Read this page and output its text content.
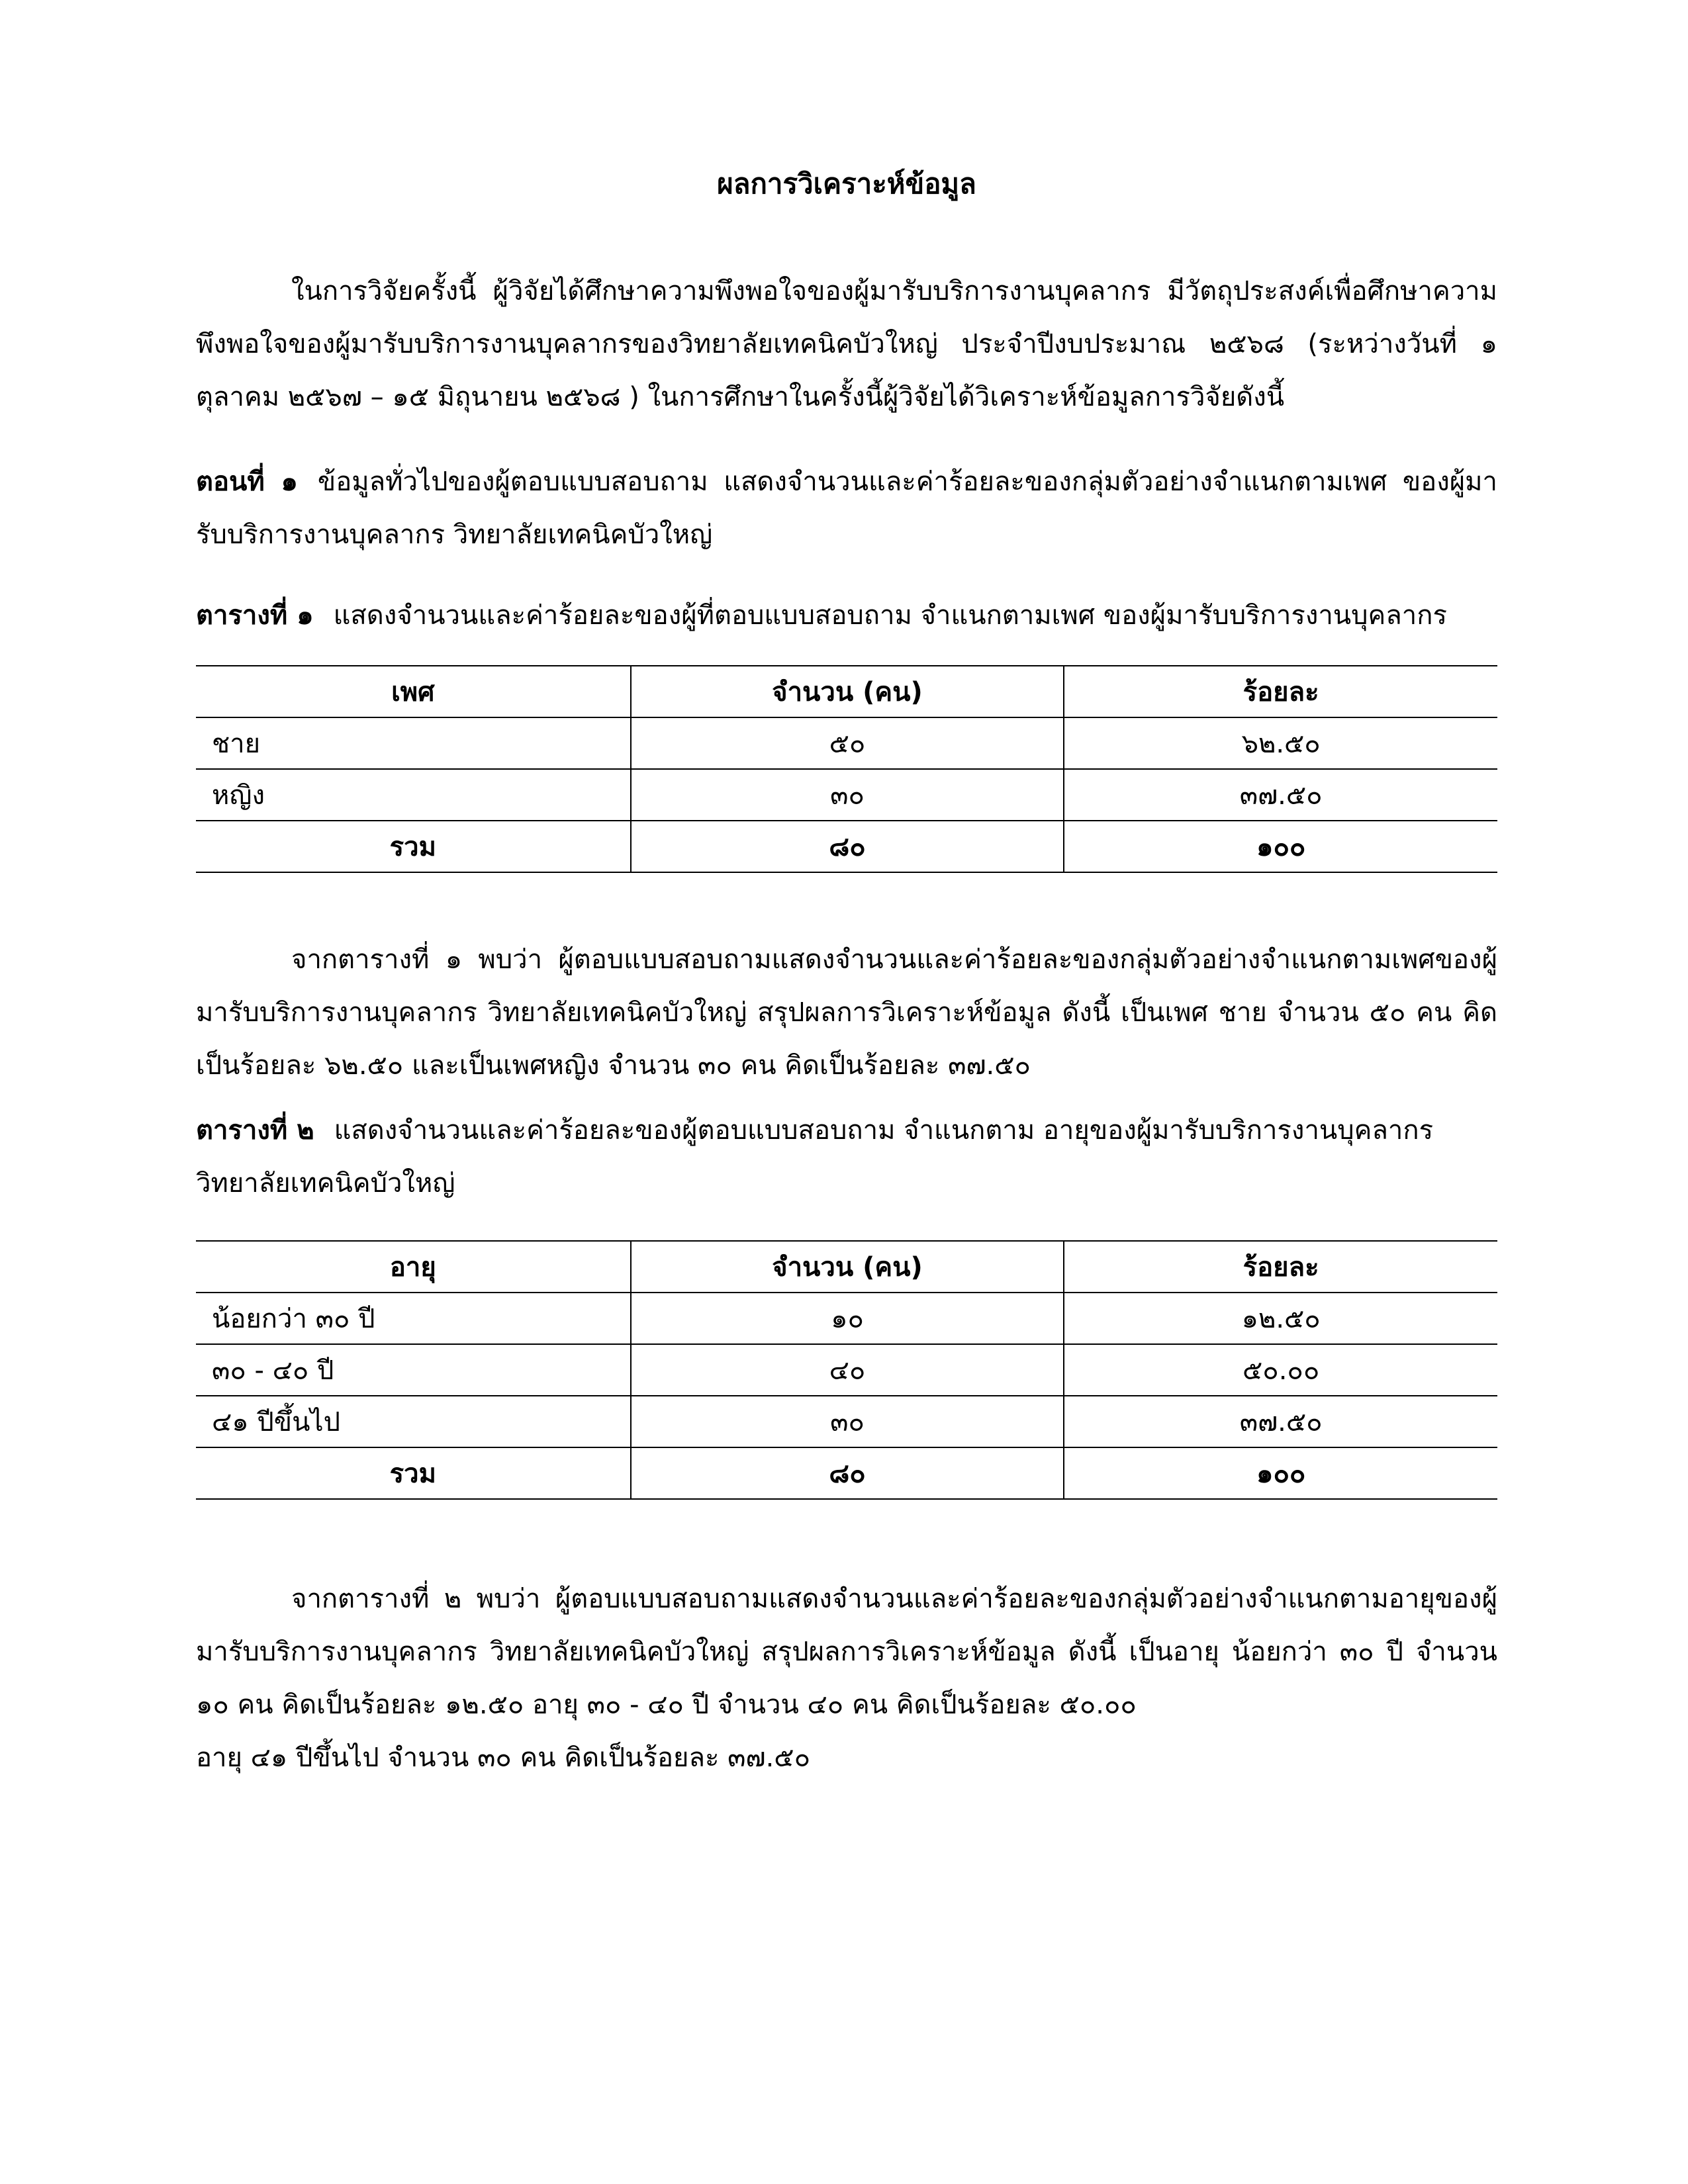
ผลการวิเคราะห์ข้อมูล
ในการวิจัยครั้งนี้ ผู้วิจัยได้ศึกษาความพึงพอใจของผู้มารับบริการงานบุคลากร มีวัตถุประสงค์เพื่อศึกษาความพึงพอใจของผู้มารับบริการงานบุคลากรของวิทยาลัยเทคนิคบัวใหญ่ ประจำปีงบประมาณ ๒๕๖๘ (ระหว่างวันที่ ๑ ตุลาคม ๒๕๖๗ – ๑๕ มิถุนายน ๒๕๖๘ ) ในการศึกษาในครั้งนี้ผู้วิจัยได้วิเคราะห์ข้อมูลการวิจัยดังนี้
ตอนที่ ๑ ข้อมูลทั่วไปของผู้ตอบแบบสอบถาม แสดงจำนวนและค่าร้อยละของกลุ่มตัวอย่างจำแนกตามเพศ ของผู้มารับบริการงานบุคลากร วิทยาลัยเทคนิคบัวใหญ่
ตารางที่ ๑ แสดงจำนวนและค่าร้อยละของผู้ที่ตอบแบบสอบถาม จำแนกตามเพศ ของผู้มารับบริการงานบุคลากร
เพศ	จำนวน (คน)	ร้อยละ
ชาย	๕๐	๖๒.๕๐
หญิง	๓๐	๓๗.๕๐
รวม	๘๐	๑๐๐
จากตารางที่ ๑ พบว่า ผู้ตอบแบบสอบถามแสดงจำนวนและค่าร้อยละของกลุ่มตัวอย่างจำแนกตามเพศของผู้มารับบริการงานบุคลากร วิทยาลัยเทคนิคบัวใหญ่ สรุปผลการวิเคราะห์ข้อมูล ดังนี้ เป็นเพศ ชาย จำนวน ๕๐ คน คิดเป็นร้อยละ ๖๒.๕๐ และเป็นเพศหญิง จำนวน ๓๐ คน คิดเป็นร้อยละ ๓๗.๕๐
ตารางที่ ๒ แสดงจำนวนและค่าร้อยละของผู้ตอบแบบสอบถาม จำแนกตาม อายุของผู้มารับบริการงานบุคลากร วิทยาลัยเทคนิคบัวใหญ่
อายุ	จำนวน (คน)	ร้อยละ
น้อยกว่า ๓๐ ปี	๑๐	๑๒.๕๐
๓๐ - ๔๐ ปี	๔๐	๕๐.๐๐
๔๑ ปีขึ้นไป	๓๐	๓๗.๕๐
รวม	๘๐	๑๐๐
จากตารางที่ ๒ พบว่า ผู้ตอบแบบสอบถามแสดงจำนวนและค่าร้อยละของกลุ่มตัวอย่างจำแนกตามอายุของผู้มารับบริการงานบุคลากร วิทยาลัยเทคนิคบัวใหญ่ สรุปผลการวิเคราะห์ข้อมูล ดังนี้ เป็นอายุ น้อยกว่า ๓๐ ปี จำนวน ๑๐ คน คิดเป็นร้อยละ ๑๒.๕๐ อายุ ๓๐ - ๔๐ ปี จำนวน ๔๐ คน คิดเป็นร้อยละ ๕๐.๐๐
อายุ ๔๑ ปีขึ้นไป จำนวน ๓๐ คน คิดเป็นร้อยละ ๓๗.๕๐
